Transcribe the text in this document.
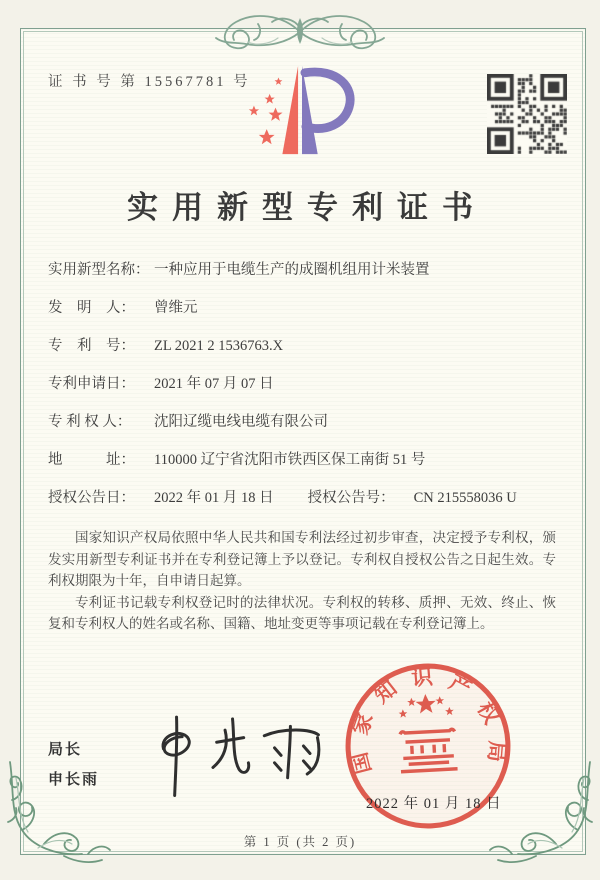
证 书 号 第 15567781 号
实用新型专利证书
实用新型名称： 一种应用于电缆生产的成圈机组用计米装置
发　明　人： 曾维元
专　利　号： ZL 2021 2 1536763.X
专利申请日： 2021 年 07 月 07 日
专 利 权 人： 沈阳辽缆电线电缆有限公司
地　　　址： 110000 辽宁省沈阳市铁西区保工南街 51 号
授权公告日： 2022 年 01 月 18 日 授权公告号： CN 215558036 U

国家知识产权局依照中华人民共和国专利法经过初步审查，决定授予专利权，颁发实用新型专利证书并在专利登记簿上予以登记。专利权自授权公告之日起生效。专利权期限为十年，自申请日起算。

专利证书记载专利权登记时的法律状况。专利权的转移、质押、无效、终止、恢复和专利权人的姓名或名称、国籍、地址变更等事项记载在专利登记簿上。

局长
申长雨
国家知识产权局
2022 年 01 月 18 日
第 1 页 (共 2 页)
